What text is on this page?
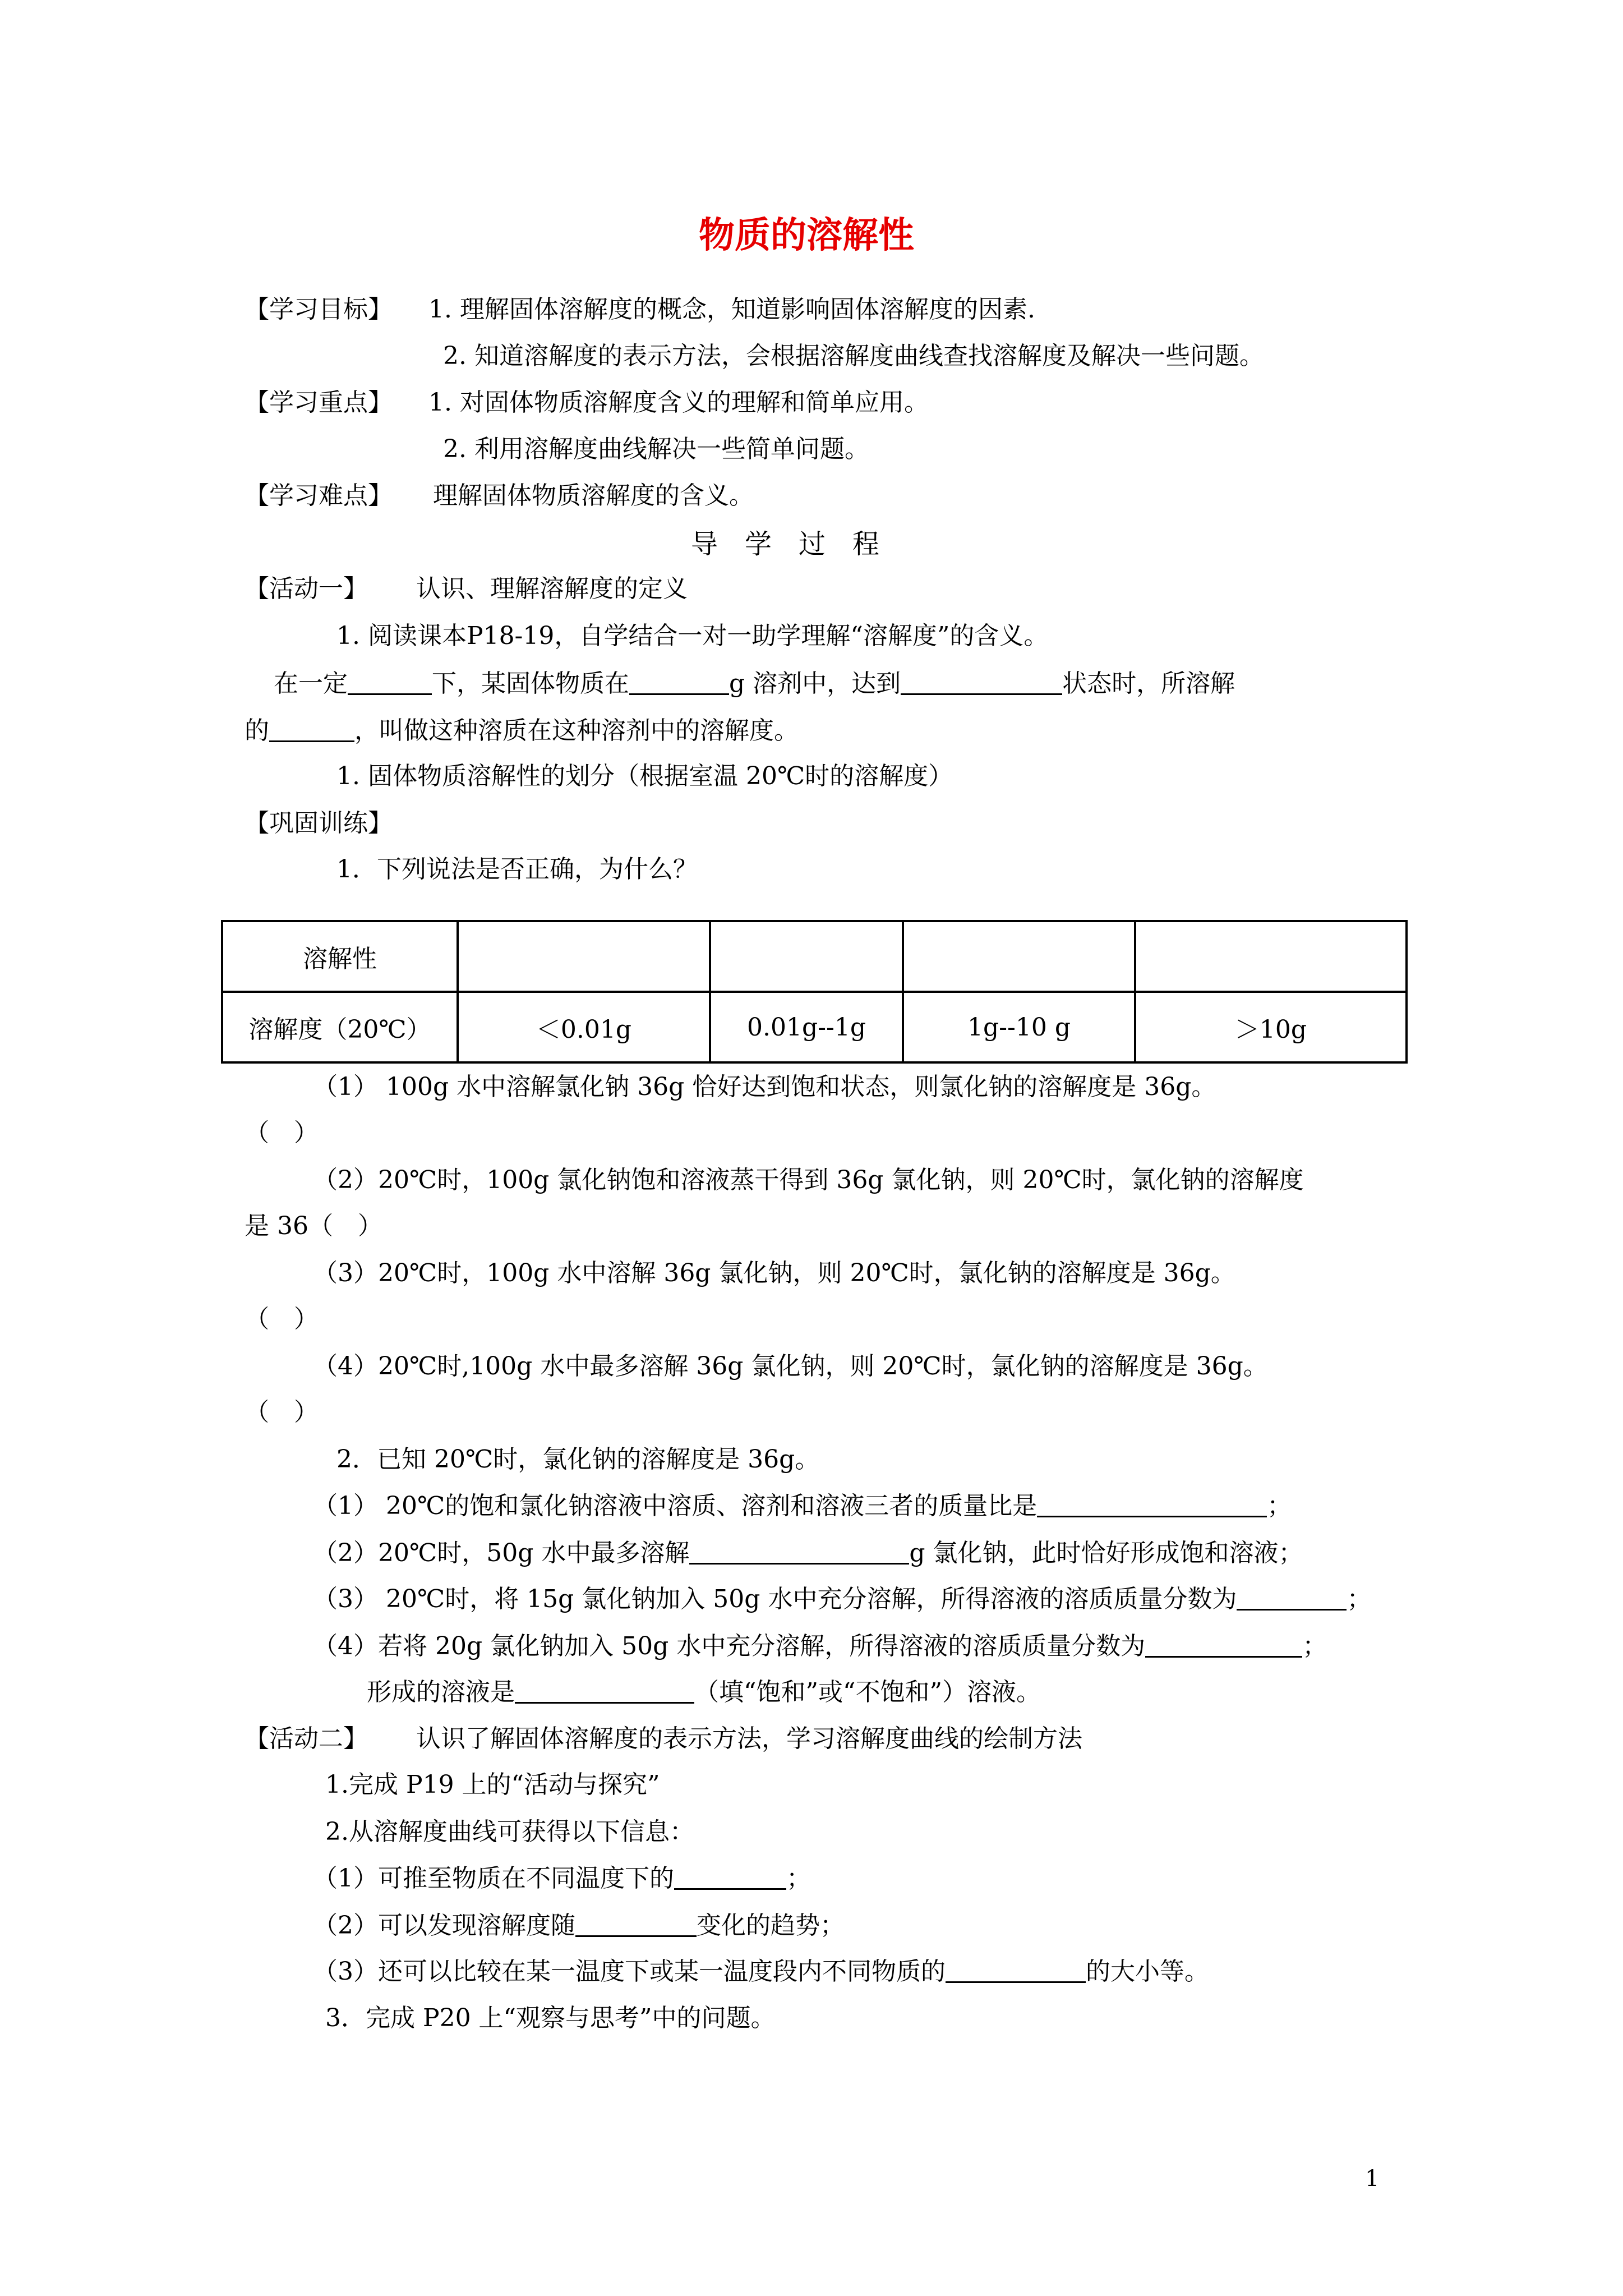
物质的溶解性
【学习目标】 1. 理解固体溶解度的概念，知道影响固体溶解度的因素.
2. 知道溶解度的表示方法，会根据溶解度曲线查找溶解度及解决一些问题。
【学习重点】 1. 对固体物质溶解度含义的理解和简单应用。
2. 利用溶解度曲线解决一些简单问题。
【学习难点】 理解固体物质溶解度的含义。
导　学　过　程
【活动一】 认识、理解溶解度的定义
1. 阅读课本P18-19，自学结合一对一助学理解“溶解度”的含义。
在一定	下，某固体物质在	g 溶剂中，达到	状态时，所溶解
的	，叫做这种溶质在这种溶剂中的溶解度。
1. 固体物质溶解性的划分（根据室温 20℃时的溶解度）
【巩固训练】
1．下列说法是否正确，为什么？
溶解性				
溶解度（20℃）	＜0.01g	0.01g--1g	1g--10 g	＞10g
（1） 100g 水中溶解氯化钠 36g 恰好达到饱和状态，则氯化钠的溶解度是 36g。
（　）
（2）20℃时，100g 氯化钠饱和溶液蒸干得到 36g 氯化钠，则 20℃时，氯化钠的溶解度
是 36（　）
（3）20℃时，100g 水中溶解 36g 氯化钠，则 20℃时，氯化钠的溶解度是 36g。
（　）
（4）20℃时,100g 水中最多溶解 36g 氯化钠，则 20℃时，氯化钠的溶解度是 36g。
（　）
2．已知 20℃时，氯化钠的溶解度是 36g。
（1） 20℃的饱和氯化钠溶液中溶质、溶剂和溶液三者的质量比是	；
（2）20℃时，50g 水中最多溶解	g 氯化钠，此时恰好形成饱和溶液；
（3） 20℃时，将 15g 氯化钠加入 50g 水中充分溶解，所得溶液的溶质质量分数为	；
（4）若将 20g 氯化钠加入 50g 水中充分溶解，所得溶液的溶质质量分数为	；
形成的溶液是	（填“饱和”或“不饱和”）溶液。
【活动二】 认识了解固体溶解度的表示方法，学习溶解度曲线的绘制方法
1.完成 P19 上的“活动与探究”
2.从溶解度曲线可获得以下信息：
（1）可推至物质在不同温度下的	；
（2）可以发现溶解度随	变化的趋势；
（3）还可以比较在某一温度下或某一温度段内不同物质的	的大小等。
3．完成 P20 上“观察与思考”中的问题。
1
